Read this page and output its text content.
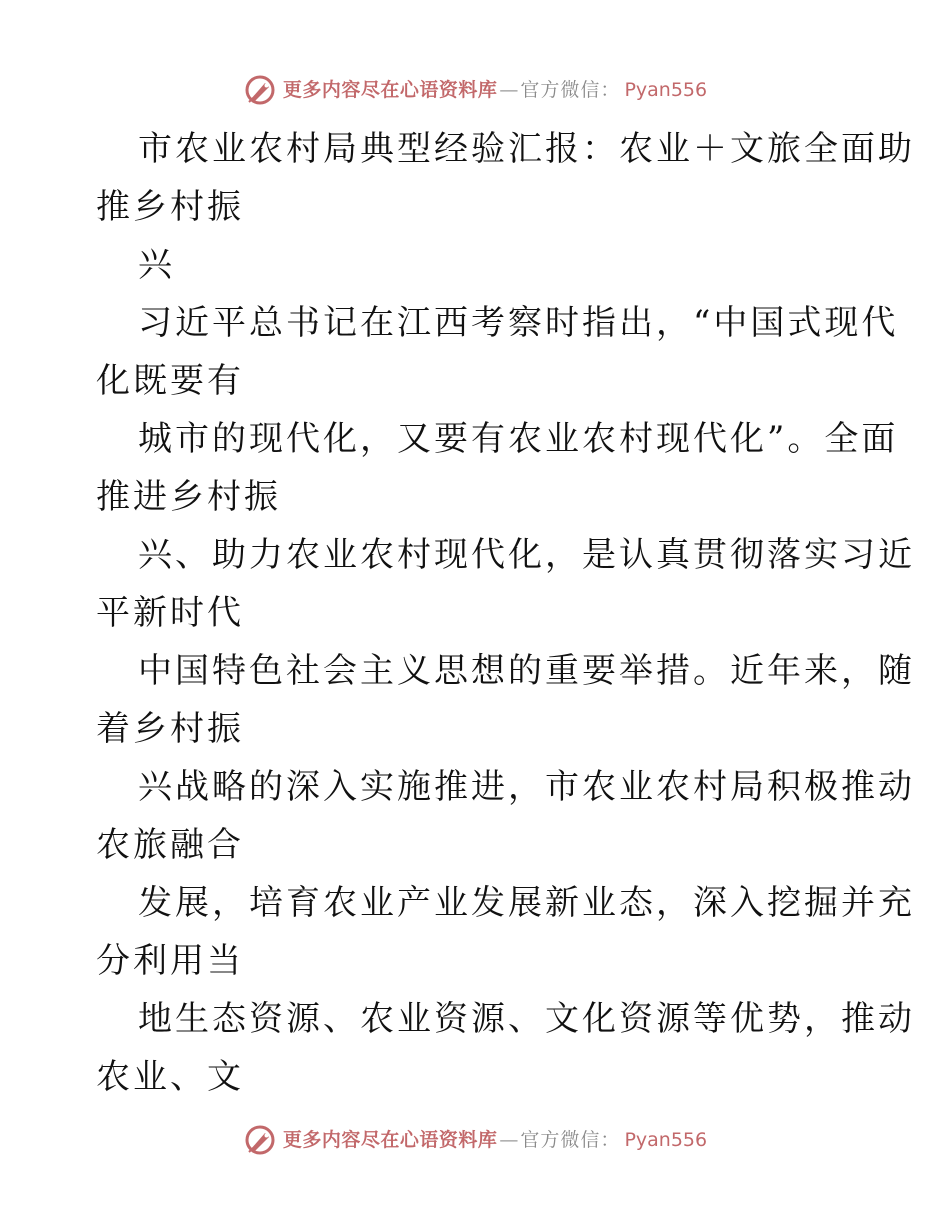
更多内容尽在心语资料库 — 官方微信： Pyan556
市农业农村局典型经验汇报：农业＋文旅全面助
推乡村振
兴
习近平总书记在江西考察时指出，“中国式现代
化既要有
城市的现代化，又要有农业农村现代化”。全面
推进乡村振
兴、助力农业农村现代化，是认真贯彻落实习近
平新时代
中国特色社会主义思想的重要举措。近年来，随
着乡村振
兴战略的深入实施推进，市农业农村局积极推动
农旅融合
发展，培育农业产业发展新业态，深入挖掘并充
分利用当
地生态资源、农业资源、文化资源等优势，推动
农业、文
更多内容尽在心语资料库 — 官方微信： Pyan556
